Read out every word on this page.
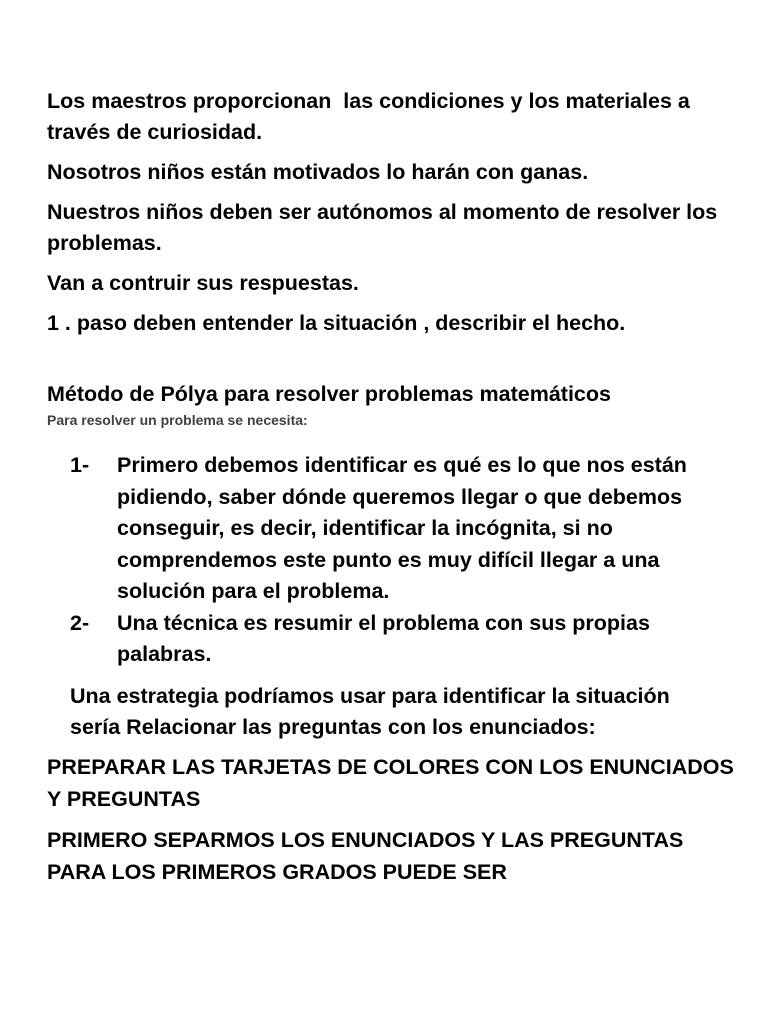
Los maestros proporcionan  las condiciones y los materiales a través de curiosidad.

Nosotros niños están motivados lo harán con ganas.

Nuestros niños deben ser autónomos al momento de resolver los problemas.

Van a contruir sus respuestas.

1 . paso deben entender la situación , describir el hecho.

Método de Pólya para resolver problemas matemáticos
Para resolver un problema se necesita:
1-	Primero debemos identificar es qué es lo que nos están pidiendo, saber dónde queremos llegar o que debemos conseguir, es decir, identificar la incógnita, si no comprendemos este punto es muy difícil llegar a una solución para el problema.
2-	Una técnica es resumir el problema con sus propias palabras.

Una estrategia podríamos usar para identificar la situación sería Relacionar las preguntas con los enunciados:

PREPARAR LAS TARJETAS DE COLORES CON LOS ENUNCIADOS Y PREGUNTAS

PRIMERO SEPARMOS LOS ENUNCIADOS Y LAS PREGUNTAS PARA LOS PRIMEROS GRADOS PUEDE SER
